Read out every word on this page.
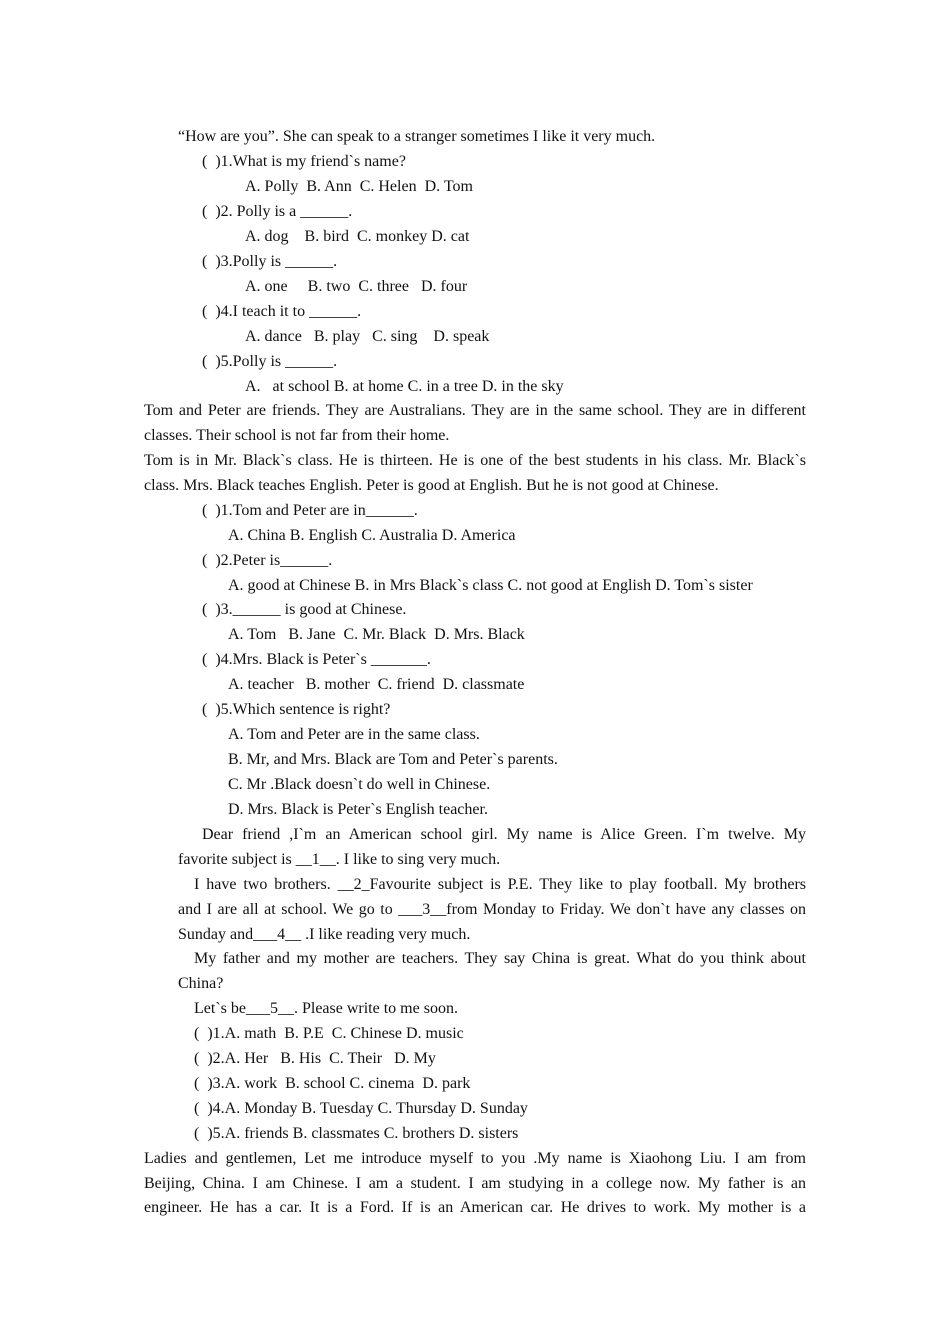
“How are you”. She can speak to a stranger sometimes I like it very much.
(  )1.What is my friend`s name?
A. Polly  B. Ann  C. Helen  D. Tom
(  )2. Polly is a ______.
A. dog    B. bird  C. monkey D. cat
(  )3.Polly is ______.
A. one     B. two  C. three   D. four
(  )4.I teach it to ______.
A. dance   B. play   C. sing    D. speak
(  )5.Polly is ______.
A.   at school B. at home C. in a tree D. in the sky
Tom and Peter are friends. They are Australians. They are in the same school. They are in different
classes. Their school is not far from their home.
Tom is in Mr. Black`s class. He is thirteen. He is one of the best students in his class. Mr. Black`s
class. Mrs. Black teaches English. Peter is good at English. But he is not good at Chinese.
(  )1.Tom and Peter are in______.
A. China B. English C. Australia D. America
(  )2.Peter is______.
A. good at Chinese B. in Mrs Black`s class C. not good at English D. Tom`s sister
(  )3.______ is good at Chinese.
A. Tom   B. Jane  C. Mr. Black  D. Mrs. Black
(  )4.Mrs. Black is Peter`s _______.
A. teacher   B. mother  C. friend  D. classmate
(  )5.Which sentence is right?
A. Tom and Peter are in the same class.
B. Mr, and Mrs. Black are Tom and Peter`s parents.
C. Mr .Black doesn`t do well in Chinese.
D. Mrs. Black is Peter`s English teacher.
Dear friend ,I`m an American school girl. My name is Alice Green. I`m twelve. My
favorite subject is __1__. I like to sing very much.
I have two brothers. __2_Favourite subject is P.E. They like to play football. My brothers
and I are all at school. We go to ___3__from Monday to Friday. We don`t have any classes on
Sunday and___4__ .I like reading very much.
My father and my mother are teachers. They say China is great. What do you think about
China?
Let`s be___5__. Please write to me soon.
(  )1.A. math  B. P.E  C. Chinese D. music
(  )2.A. Her   B. His  C. Their   D. My
(  )3.A. work  B. school C. cinema  D. park
(  )4.A. Monday B. Tuesday C. Thursday D. Sunday
(  )5.A. friends B. classmates C. brothers D. sisters
Ladies and gentlemen, Let me introduce myself to you .My name is Xiaohong Liu. I am from
Beijing, China. I am Chinese. I am a student. I am studying in a college now. My father is an
engineer. He has a car. It is a Ford. If is an American car. He drives to work. My mother is a
